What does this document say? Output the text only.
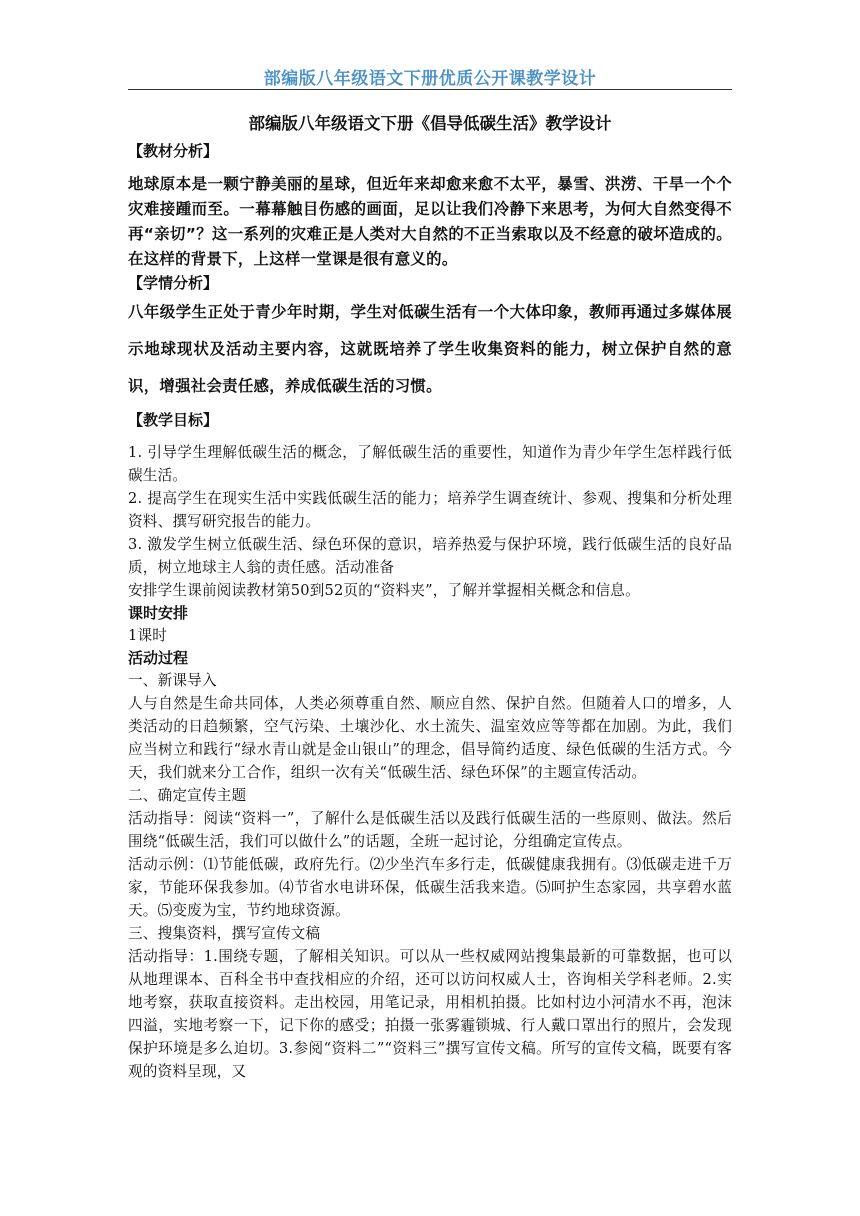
部编版八年级语文下册优质公开课教学设计

部编版八年级语文下册《倡导低碳生活》教学设计

【教材分析】

地球原本是一颗宁静美丽的星球，但近年来却愈来愈不太平，暴雪、洪涝、干旱一个个灾难接踵而至。一幕幕触目伤感的画面，足以让我们冷静下来思考，为何大自然变得不再“亲切”？这一系列的灾难正是人类对大自然的不正当索取以及不经意的破坏造成的。在这样的背景下，上这样一堂课是很有意义的。

【学情分析】

八年级学生正处于青少年时期，学生对低碳生活有一个大体印象，教师再通过多媒体展示地球现状及活动主要内容，这就既培养了学生收集资料的能力，树立保护自然的意识，增强社会责任感，养成低碳生活的习惯。

【教学目标】

1. 引导学生理解低碳生活的概念，了解低碳生活的重要性，知道作为青少年学生怎样践行低碳生活。

2. 提高学生在现实生活中实践低碳生活的能力；培养学生调查统计、参观、搜集和分析处理资料、撰写研究报告的能力。

3. 激发学生树立低碳生活、绿色环保的意识，培养热爱与保护环境，践行低碳生活的良好品质，树立地球主人翁的责任感。活动准备

安排学生课前阅读教材第50到52页的“资料夹”，了解并掌握相关概念和信息。

课时安排

1课时

活动过程

一、新课导入

人与自然是生命共同体，人类必须尊重自然、顺应自然、保护自然。但随着人口的增多，人类活动的日趋频繁，空气污染、土壤沙化、水土流失、温室效应等等都在加剧。为此，我们应当树立和践行“绿水青山就是金山银山”的理念，倡导简约适度、绿色低碳的生活方式。今天，我们就来分工合作，组织一次有关“低碳生活、绿色环保”的主题宣传活动。

二、确定宣传主题

活动指导：阅读“资料一”，了解什么是低碳生活以及践行低碳生活的一些原则、做法。然后围绕“低碳生活，我们可以做什么”的话题，全班一起讨论，分组确定宣传点。

活动示例：⑴节能低碳，政府先行。⑵少坐汽车多行走，低碳健康我拥有。⑶低碳走进千万家，节能环保我参加。⑷节省水电讲环保，低碳生活我来造。⑸呵护生态家园，共享碧水蓝天。⑸变废为宝，节约地球资源。

三、搜集资料，撰写宣传文稿

活动指导：1.围绕专题，了解相关知识。可以从一些权威网站搜集最新的可靠数据，也可以从地理课本、百科全书中查找相应的介绍，还可以访问权威人士，咨询相关学科老师。2.实地考察，获取直接资料。走出校园，用笔记录，用相机拍摄。比如村边小河清水不再，泡沫四溢，实地考察一下，记下你的感受；拍摄一张雾霾锁城、行人戴口罩出行的照片，会发现保护环境是多么迫切。3.参阅“资料二”“资料三”撰写宣传文稿。所写的宣传文稿，既要有客观的资料呈现，又
